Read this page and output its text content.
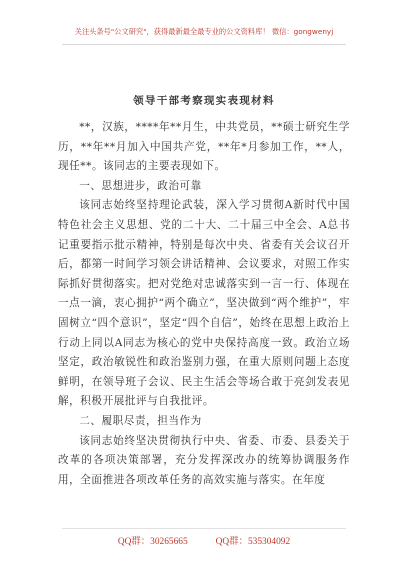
关注头条号"公文研究"，获得最新最全最专业的公文资料库！ 微信：gongwenyj
领导干部考察现实表现材料

**，汉族，****年**月生，中共党员，**硕士研究生学历，**年**月加入中国共产党，**年*月参加工作，**人，现任**。该同志的主要表现如下。

一、思想进步，政治可靠

该同志始终坚持理论武装，深入学习贯彻A新时代中国特色社会主义思想、党的二十大、二十届三中全会、A总书记重要指示批示精神，特别是每次中央、省委有关会议召开后，都第一时间学习领会讲话精神、会议要求，对照工作实际抓好贯彻落实。把对党绝对忠诚落实到一言一行、体现在一点一滴，衷心拥护“两个确立”，坚决做到“两个维护”，牢固树立“四个意识”，坚定“四个自信”，始终在思想上政治上行动上同以A同志为核心的党中央保持高度一致。政治立场坚定，政治敏锐性和政治鉴别力强，在重大原则问题上态度鲜明，在领导班子会议、民主生活会等场合敢于亮剑发表见解，积极开展批评与自我批评。

二、履职尽责，担当作为

该同志始终坚决贯彻执行中央、省委、市委、县委关于改革的各项决策部署，充分发挥深改办的统筹协调服务作用，全面推进各项改革任务的高效实施与落实。在年度

QQ群：30265665	QQ群：535304092
